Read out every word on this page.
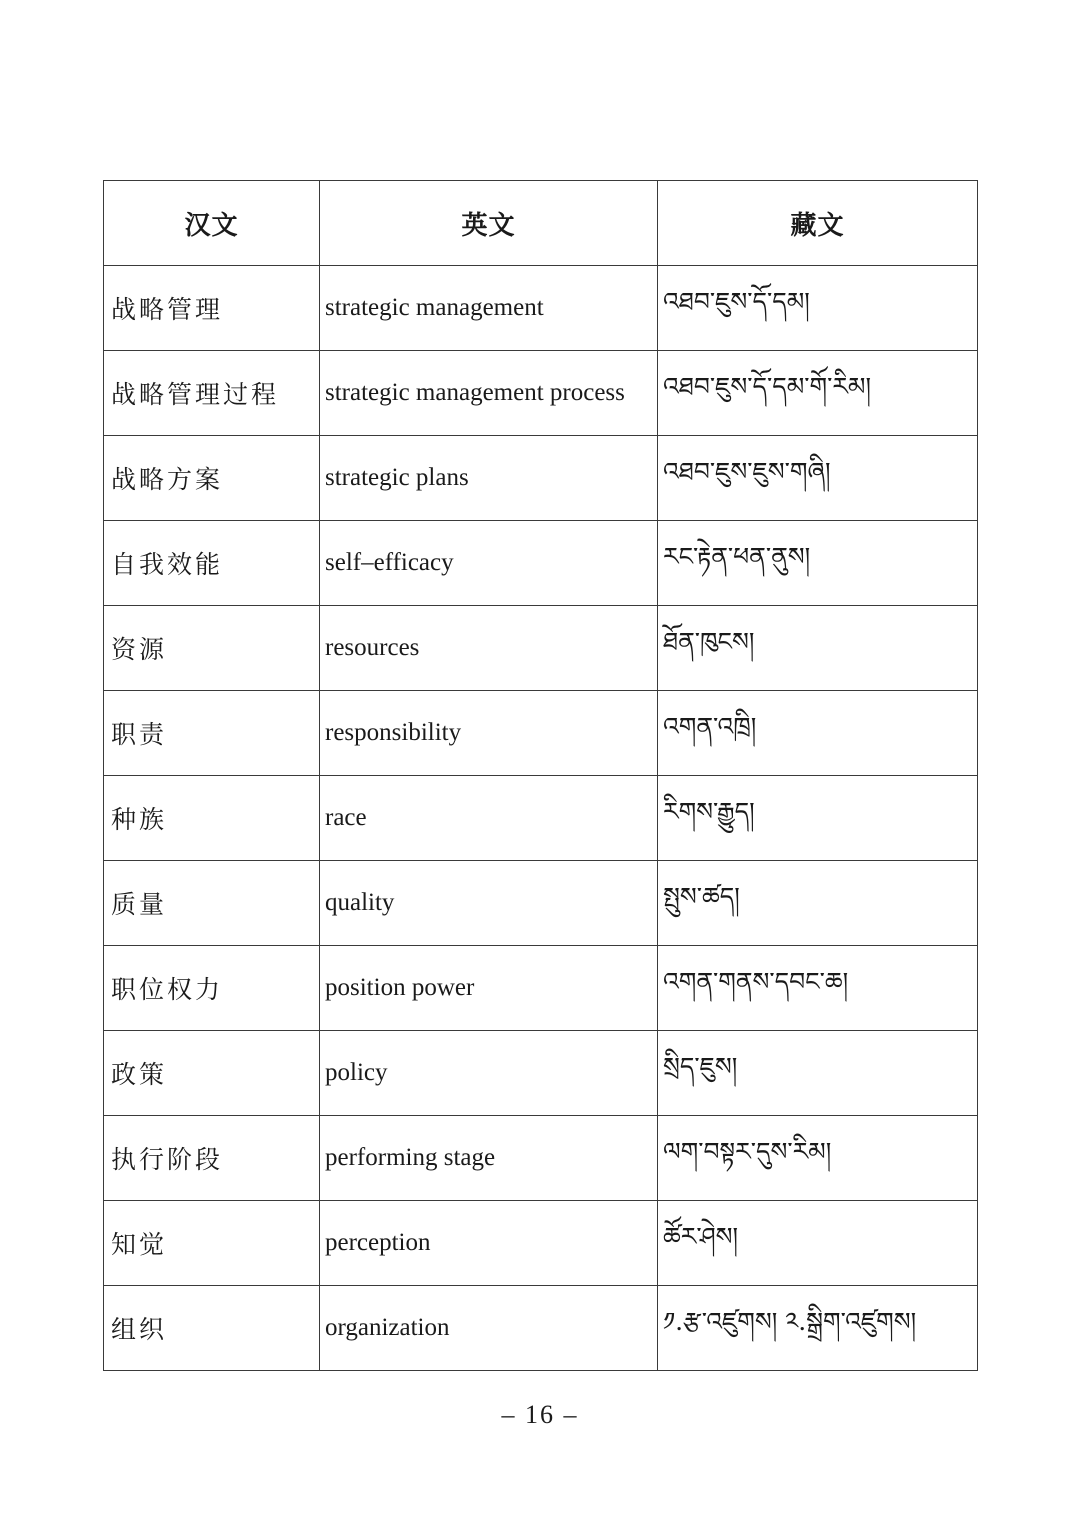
汉文	英文	藏文
战略管理	strategic management	འཐབ་ཇུས་དོ་དམ།
战略管理过程	strategic management process	འཐབ་ཇུས་དོ་དམ་གོ་རིམ།
战略方案	strategic plans	འཐབ་ཇུས་ཇུས་གཞི།
自我效能	self–efficacy	རང་རྟེན་ཕན་ནུས།
资源	resources	ཐོན་ཁུངས།
职责	responsibility	འགན་འཁྲི།
种族	race	རིགས་རྒྱུད།
质量	quality	སྤུས་ཚད།
职位权力	position power	འགན་གནས་དབང་ཆ།
政策	policy	སྲིད་ཇུས།
执行阶段	performing stage	ལག་བསྟར་དུས་རིམ།
知觉	perception	ཚོར་ཤེས།
组织	organization	༡.རྩ་འཛུགས། ༢.སྒྲིག་འཛུགས།
– 16 –
